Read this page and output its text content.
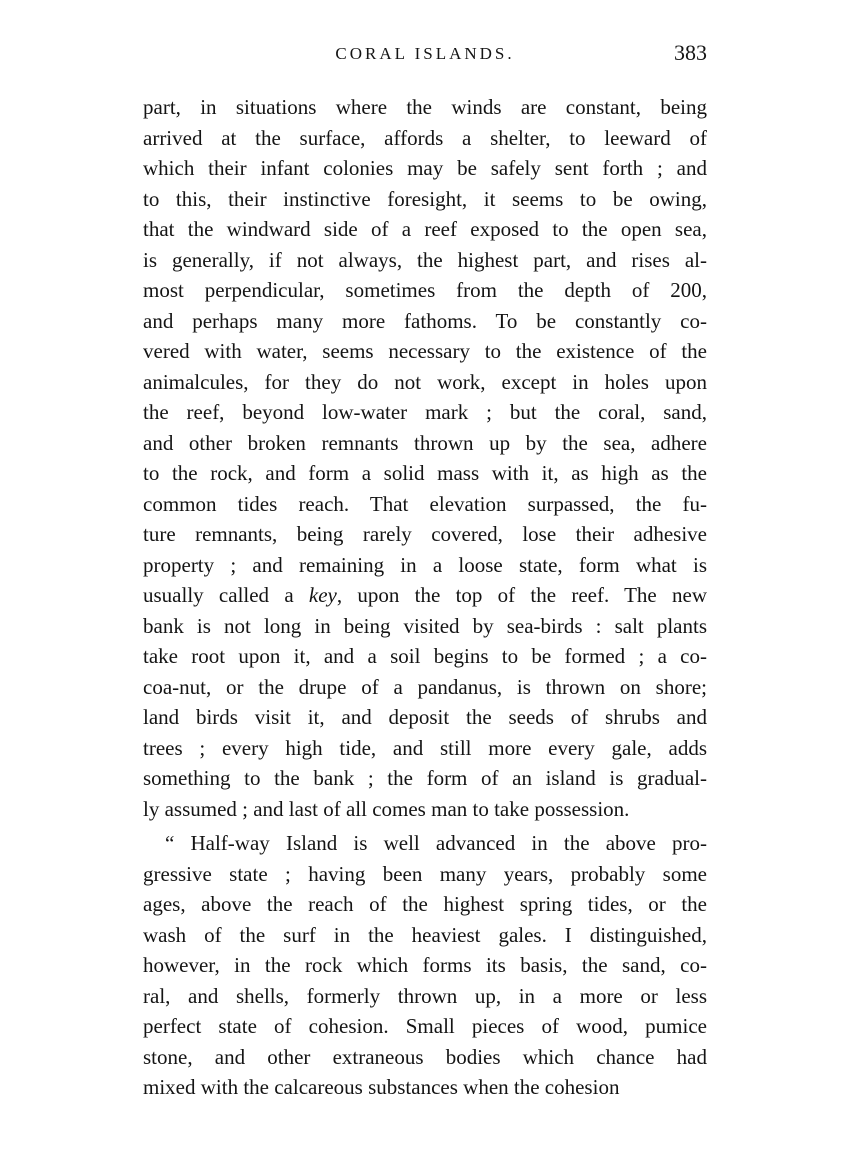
CORAL ISLANDS.	383
part, in situations where the winds are constant, being
arrived at the surface, affords a shelter, to leeward of
which their infant colonies may be safely sent forth ; and
to this, their instinctive foresight, it seems to be owing,
that the windward side of a reef exposed to the open sea,
is generally, if not always, the highest part, and rises al-
most perpendicular, sometimes from the depth of 200,
and perhaps many more fathoms. To be constantly co-
vered with water, seems necessary to the existence of the
animalcules, for they do not work, except in holes upon
the reef, beyond low-water mark ; but the coral, sand,
and other broken remnants thrown up by the sea, adhere
to the rock, and form a solid mass with it, as high as the
common tides reach. That elevation surpassed, the fu-
ture remnants, being rarely covered, lose their adhesive
property ; and remaining in a loose state, form what is
usually called a key, upon the top of the reef. The new
bank is not long in being visited by sea-birds : salt plants
take root upon it, and a soil begins to be formed ; a co-
coa-nut, or the drupe of a pandanus, is thrown on shore;
land birds visit it, and deposit the seeds of shrubs and
trees ; every high tide, and still more every gale, adds
something to the bank ; the form of an island is gradual-
ly assumed ; and last of all comes man to take possession.
“ Half-way Island is well advanced in the above pro-
gressive state ; having been many years, probably some
ages, above the reach of the highest spring tides, or the
wash of the surf in the heaviest gales. I distinguished,
however, in the rock which forms its basis, the sand, co-
ral, and shells, formerly thrown up, in a more or less
perfect state of cohesion. Small pieces of wood, pumice
stone, and other extraneous bodies which chance had
mixed with the calcareous substances when the cohesion
